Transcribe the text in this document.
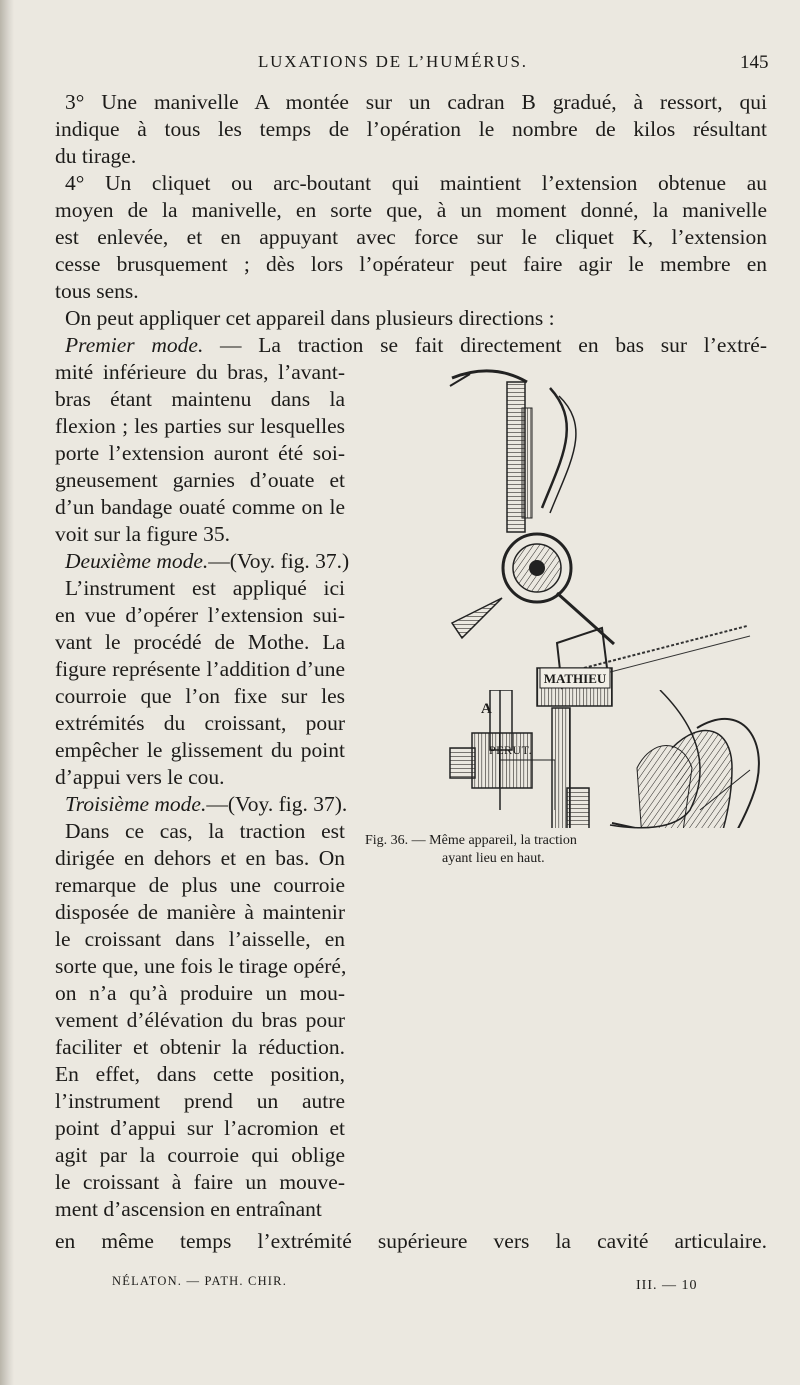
LUXATIONS DE L’HUMÉRUS.	145
3° Une manivelle A montée sur un cadran B gradué, à ressort, qui
indique à tous les temps de l’opération le nombre de kilos résultant
du tirage.
4° Un cliquet ou arc-boutant qui maintient l’extension obtenue au
moyen de la manivelle, en sorte que, à un moment donné, la manivelle
est enlevée, et en appuyant avec force sur le cliquet K, l’extension
cesse brusquement ; dès lors l’opérateur peut faire agir le membre en
tous sens.
On peut appliquer cet appareil dans plusieurs directions :
Premier mode. — La traction se fait directement en bas sur l’extré-
mité inférieure du bras, l’avant-
bras étant maintenu dans la
flexion ; les parties sur lesquelles
porte l’extension auront été soi-
gneusement garnies d’ouate et
d’un bandage ouaté comme on le
voit sur la figure 35.
Deuxième mode.—(Voy. fig. 37.)
L’instrument est appliqué ici
en vue d’opérer l’extension sui-
vant le procédé de Mothe. La
figure représente l’addition d’une
courroie que l’on fixe sur les
extrémités du croissant, pour
empêcher le glissement du point
d’appui vers le cou.
Troisième mode.—(Voy. fig. 37).
Dans ce cas, la traction est
dirigée en dehors et en bas. On
remarque de plus une courroie
disposée de manière à maintenir
le croissant dans l’aisselle, en
sorte que, une fois le tirage opéré,
on n’a qu’à produire un mou-
vement d’élévation du bras pour
faciliter et obtenir la réduction.
En effet, dans cette position,
l’instrument prend un autre
point d’appui sur l’acromion et
agit par la courroie qui oblige
le croissant à faire un mouve-
ment d’ascension en entraînant
en même temps l’extrémité supérieure vers la cavité articulaire.
MATHIEU
A
PERUT.
Fig. 36. — Même appareil, la traction
ayant lieu en haut.
NÉLATON. — PATH. CHIR.	III. — 10
